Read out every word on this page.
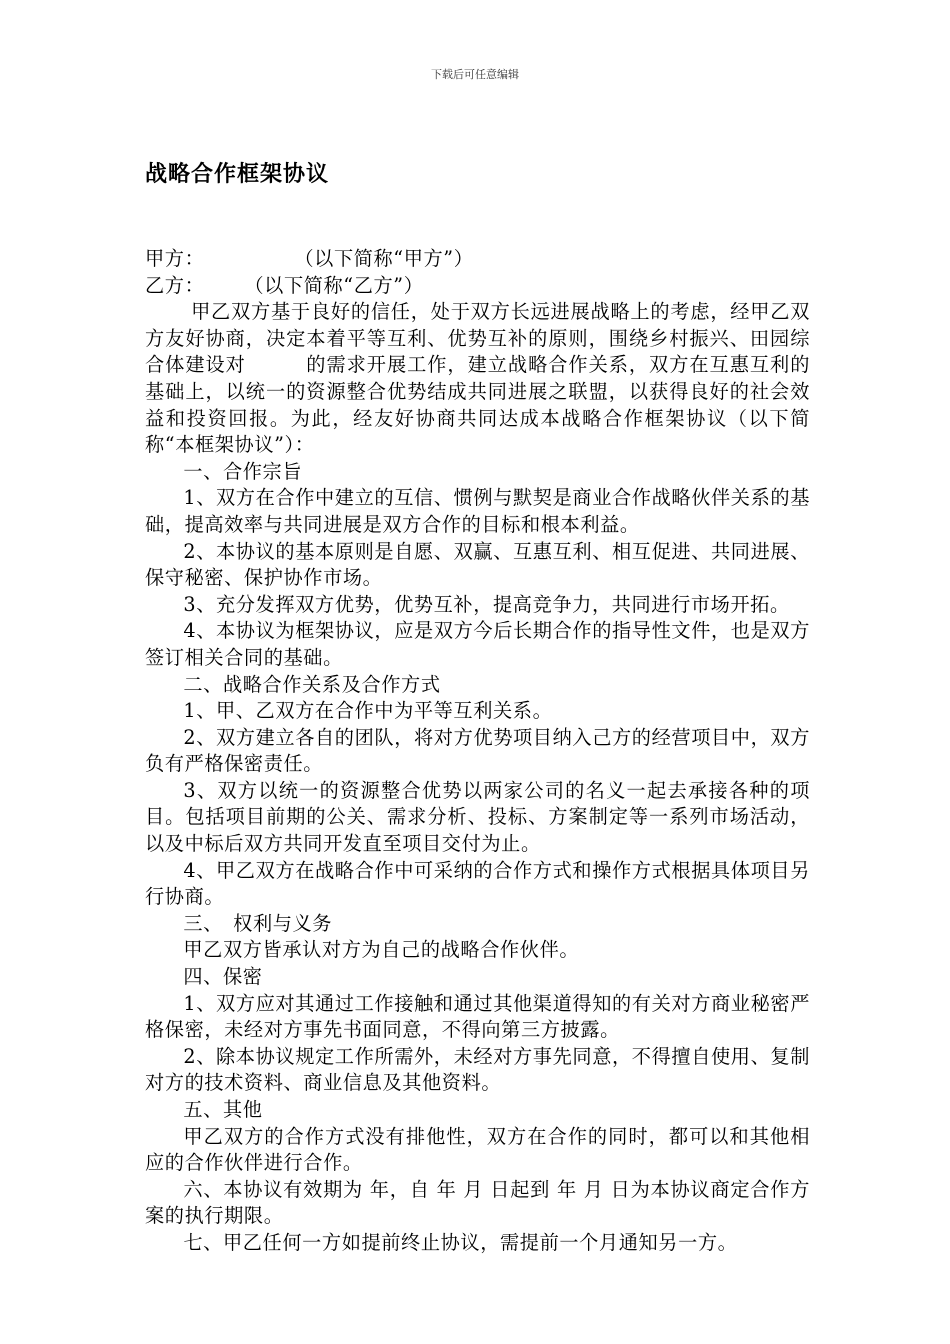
下载后可任意编辑
战略合作框架协议

甲方：	（以下简称“甲方”）

乙方： （以下简称“乙方”）

甲乙双方基于良好的信任，处于双方长远进展战略上的考虑，经甲乙双方友好协商，决定本着平等互利、优势互补的原则，围绕乡村振兴、田园综合体建设对　　　的需求开展工作，建立战略合作关系，双方在互惠互利的基础上，以统一的资源整合优势结成共同进展之联盟，以获得良好的社会效益和投资回报。为此，经友好协商共同达成本战略合作框架协议（以下简称“本框架协议”）：

一、合作宗旨

1、双方在合作中建立的互信、惯例与默契是商业合作战略伙伴关系的基础，提高效率与共同进展是双方合作的目标和根本利益。

2、本协议的基本原则是自愿、双赢、互惠互利、相互促进、共同进展、保守秘密、保护协作市场。

3、充分发挥双方优势，优势互补，提高竞争力，共同进行市场开拓。

4、本协议为框架协议，应是双方今后长期合作的指导性文件，也是双方签订相关合同的基础。

二、战略合作关系及合作方式

1、甲、乙双方在合作中为平等互利关系。

2、双方建立各自的团队，将对方优势项目纳入己方的经营项目中，双方负有严格保密责任。

3、双方以统一的资源整合优势以两家公司的名义一起去承接各种的项目。包括项目前期的公关、需求分析、投标、方案制定等一系列市场活动，以及中标后双方共同开发直至项目交付为止。

4、甲乙双方在战略合作中可采纳的合作方式和操作方式根据具体项目另行协商。

三、　权利与义务

甲乙双方皆承认对方为自己的战略合作伙伴。

四、保密

1、双方应对其通过工作接触和通过其他渠道得知的有关对方商业秘密严格保密，未经对方事先书面同意，不得向第三方披露。

2、除本协议规定工作所需外，未经对方事先同意，不得擅自使用、复制对方的技术资料、商业信息及其他资料。

五、其他

甲乙双方的合作方式没有排他性，双方在合作的同时，都可以和其他相应的合作伙伴进行合作。

六、本协议有效期为 年，自 年 月 日起到 年 月 日为本协议商定合作方案的执行期限。

七、甲乙任何一方如提前终止协议，需提前一个月通知另一方。
